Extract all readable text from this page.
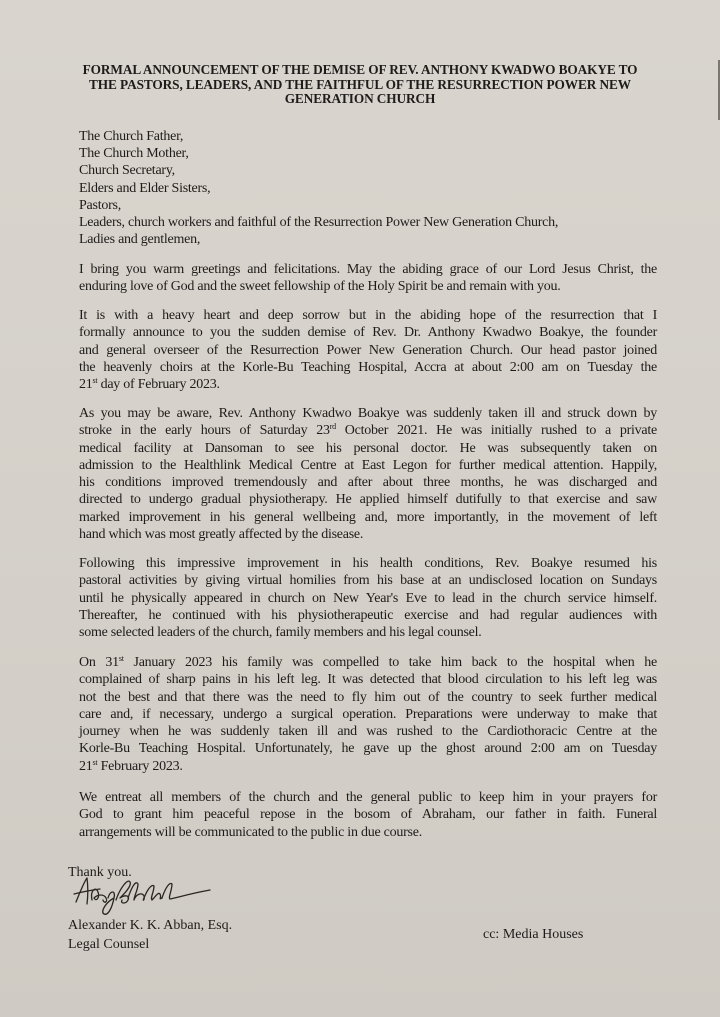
FORMAL ANNOUNCEMENT OF THE DEMISE OF REV. ANTHONY KWADWO BOAKYE TO
THE PASTORS, LEADERS, AND THE FAITHFUL OF THE RESURRECTION POWER NEW
GENERATION CHURCH
The Church Father,
The Church Mother,
Church Secretary,
Elders and Elder Sisters,
Pastors,
Leaders, church workers and faithful of the Resurrection Power New Generation Church,
Ladies and gentlemen,
I bring you warm greetings and felicitations. May the abiding grace of our Lord Jesus Christ, the
enduring love of God and the sweet fellowship of the Holy Spirit be and remain with you.
It is with a heavy heart and deep sorrow but in the abiding hope of the resurrection that I
formally announce to you the sudden demise of Rev. Dr. Anthony Kwadwo Boakye, the founder
and general overseer of the Resurrection Power New Generation Church. Our head pastor joined
the heavenly choirs at the Korle-Bu Teaching Hospital, Accra at about 2:00 am on Tuesday the
21st day of February 2023.
As you may be aware, Rev. Anthony Kwadwo Boakye was suddenly taken ill and struck down by
stroke in the early hours of Saturday 23rd October 2021. He was initially rushed to a private
medical facility at Dansoman to see his personal doctor. He was subsequently taken on
admission to the Healthlink Medical Centre at East Legon for further medical attention. Happily,
his conditions improved tremendously and after about three months, he was discharged and
directed to undergo gradual physiotherapy. He applied himself dutifully to that exercise and saw
marked improvement in his general wellbeing and, more importantly, in the movement of left
hand which was most greatly affected by the disease.
Following this impressive improvement in his health conditions, Rev. Boakye resumed his
pastoral activities by giving virtual homilies from his base at an undisclosed location on Sundays
until he physically appeared in church on New Year's Eve to lead in the church service himself.
Thereafter, he continued with his physiotherapeutic exercise and had regular audiences with
some selected leaders of the church, family members and his legal counsel.
On 31st January 2023 his family was compelled to take him back to the hospital when he
complained of sharp pains in his left leg. It was detected that blood circulation to his left leg was
not the best and that there was the need to fly him out of the country to seek further medical
care and, if necessary, undergo a surgical operation. Preparations were underway to make that
journey when he was suddenly taken ill and was rushed to the Cardiothoracic Centre at the
Korle-Bu Teaching Hospital. Unfortunately, he gave up the ghost around 2:00 am on Tuesday
21st February 2023.
We entreat all members of the church and the general public to keep him in your prayers for
God to grant him peaceful repose in the bosom of Abraham, our father in faith. Funeral
arrangements will be communicated to the public in due course.
Thank you.
Alexander K. K. Abban, Esq.
Legal Counsel
cc: Media Houses
